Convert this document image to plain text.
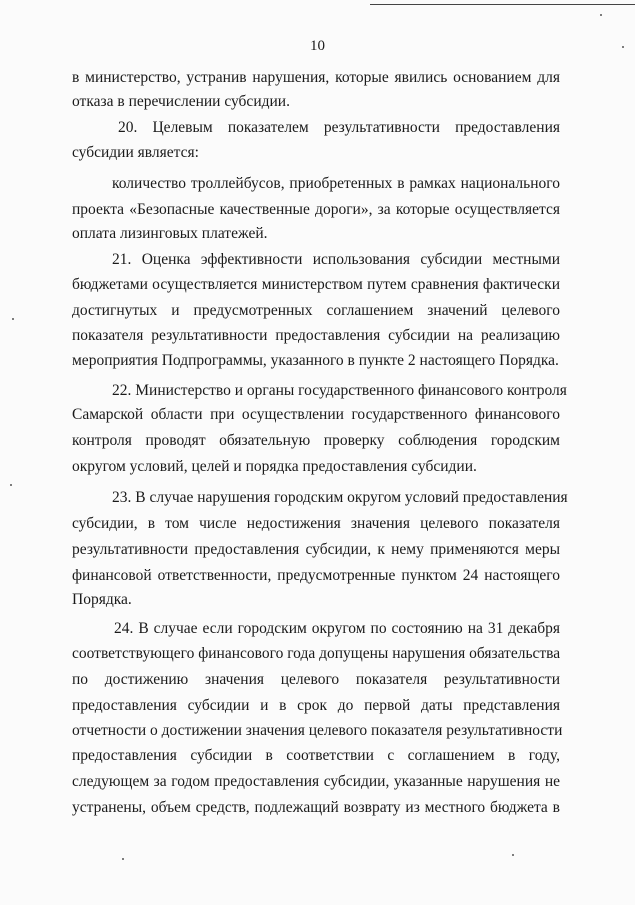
10
в министерство, устранив нарушения, которые явились основанием для
отказа в перечислении субсидии.
20. Целевым показателем результативности предоставления
субсидии является:
количество троллейбусов, приобретенных в рамках национального
проекта «Безопасные качественные дороги», за которые осуществляется
оплата лизинговых платежей.
21. Оценка эффективности использования субсидии местными
бюджетами осуществляется министерством путем сравнения фактически
достигнутых и предусмотренных соглашением значений целевого
показателя результативности предоставления субсидии на реализацию
мероприятия Подпрограммы, указанного в пункте 2 настоящего Порядка.
22. Министерство и органы государственного финансового контроля
Самарской области при осуществлении государственного финансового
контроля проводят обязательную проверку соблюдения городским
округом условий, целей и порядка предоставления субсидии.
23. В случае нарушения городским округом условий предоставления
субсидии, в том числе недостижения значения целевого показателя
результативности предоставления субсидии, к нему применяются меры
финансовой ответственности, предусмотренные пунктом 24 настоящего
Порядка.
24. В случае если городским округом по состоянию на 31 декабря
соответствующего финансового года допущены нарушения обязательства
по достижению значения целевого показателя результативности
предоставления субсидии и в срок до первой даты представления
отчетности о достижении значения целевого показателя результативности
предоставления субсидии в соответствии с соглашением в году,
следующем за годом предоставления субсидии, указанные нарушения не
устранены, объем средств, подлежащий возврату из местного бюджета в
